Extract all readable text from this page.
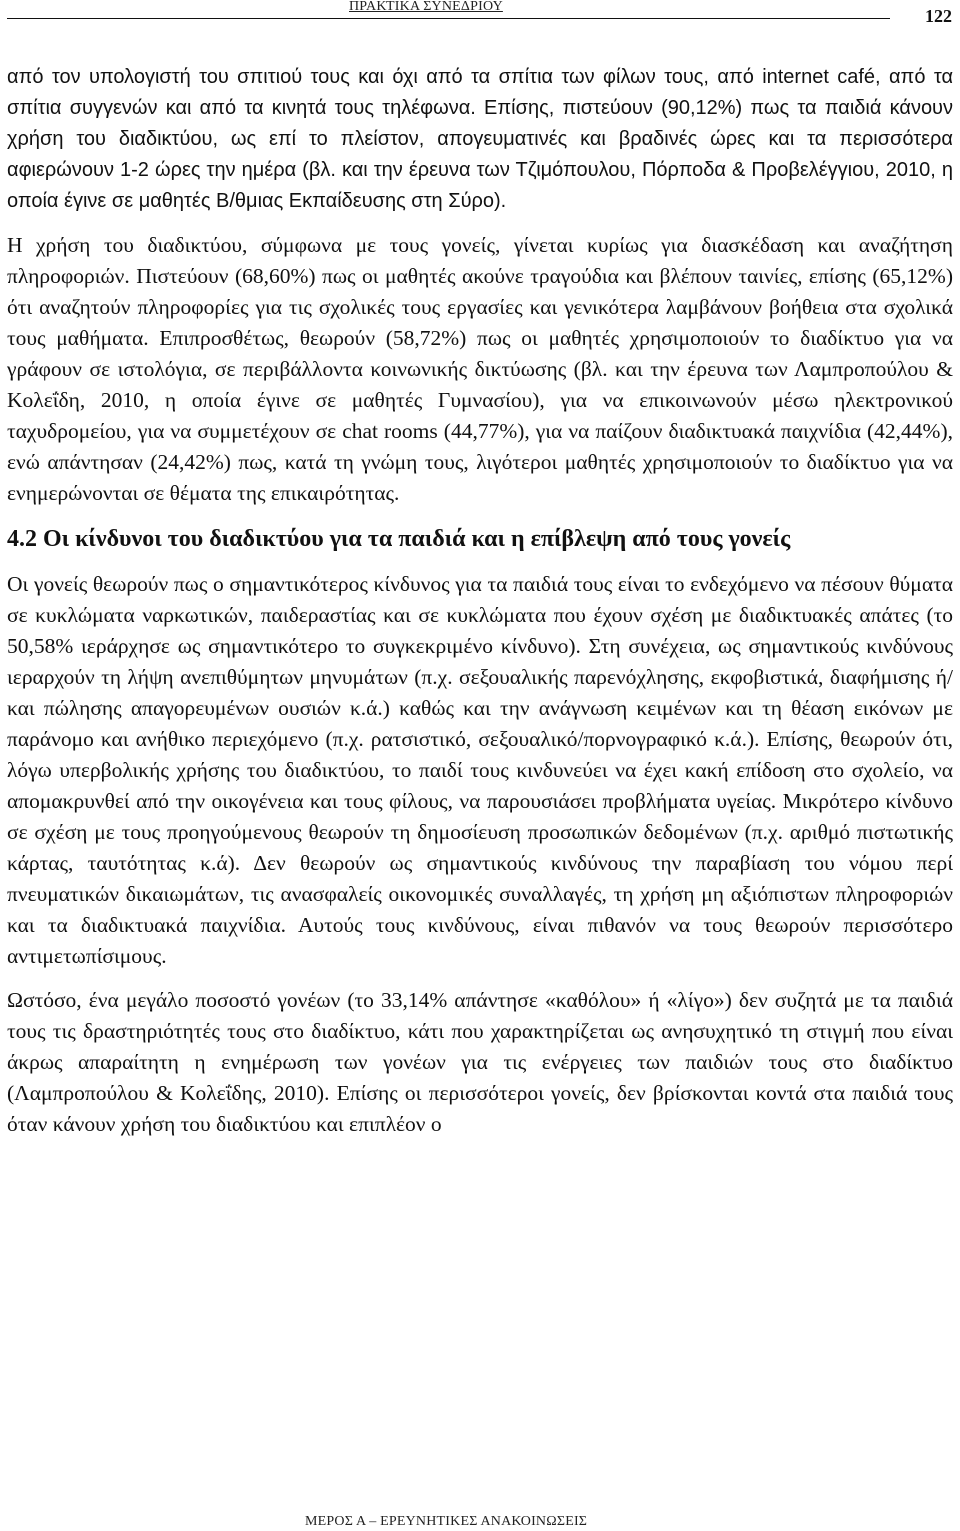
ΠΡΑΚΤΙΚΑ ΣΥΝΕΔΡΙΟΥ	122

από τον υπολογιστή του σπιτιού τους και όχι από τα σπίτια των φίλων τους, από internet café, από τα σπίτια συγγενών και από τα κινητά τους τηλέφωνα. Επίσης, πιστεύουν (90,12%) πως τα παιδιά κάνουν χρήση του διαδικτύου, ως επί το πλείστον, απογευματινές και βραδινές ώρες και τα περισσότερα αφιερώνουν 1-2 ώρες την ημέρα (βλ. και την έρευνα των Τζιμόπουλου, Πόρποδα & Προβελέγγιου, 2010, η οποία έγινε σε μαθητές Β/θμιας Εκπαίδευσης στη Σύρο).

Η χρήση του διαδικτύου, σύμφωνα με τους γονείς, γίνεται κυρίως για διασκέδαση και αναζήτηση πληροφοριών. Πιστεύουν (68,60%) πως οι μαθητές ακούνε τραγούδια και βλέπουν ταινίες, επίσης (65,12%) ότι αναζητούν πληροφορίες για τις σχολικές τους εργασίες και γενικότερα λαμβάνουν βοήθεια στα σχολικά τους μαθήματα. Επιπροσθέτως, θεωρούν (58,72%) πως οι μαθητές χρησιμοποιούν το διαδίκτυο για να γράφουν σε ιστολόγια, σε περιβάλλοντα κοινωνικής δικτύωσης (βλ. και την έρευνα των Λαμπροπούλου & Κολεΐδη, 2010, η οποία έγινε σε μαθητές Γυμνασίου), για να επικοινωνούν μέσω ηλεκτρονικού ταχυδρομείου, για να συμμετέχουν σε chat rooms (44,77%), για να παίζουν διαδικτυακά παιχνίδια (42,44%), ενώ απάντησαν (24,42%) πως, κατά τη γνώμη τους, λιγότεροι μαθητές χρησιμοποιούν το διαδίκτυο για να ενημερώνονται σε θέματα της επικαιρότητας.

4.2 Οι κίνδυνοι του διαδικτύου για τα παιδιά και η επίβλεψη από τους γονείς

Οι γονείς θεωρούν πως ο σημαντικότερος κίνδυνος για τα παιδιά τους είναι το ενδεχόμενο να πέσουν θύματα σε κυκλώματα ναρκωτικών, παιδεραστίας και σε κυκλώματα που έχουν σχέση με διαδικτυακές απάτες (το 50,58% ιεράρχησε ως σημαντικότερο το συγκεκριμένο κίνδυνο). Στη συνέχεια, ως σημαντικούς κινδύνους ιεραρχούν τη λήψη ανεπιθύμητων μηνυμάτων (π.χ. σεξουαλικής παρενόχλησης, εκφοβιστικά, διαφήμισης ή/και πώλησης απαγορευμένων ουσιών κ.ά.) καθώς και την ανάγνωση κειμένων και τη θέαση εικόνων με παράνομο και ανήθικο περιεχόμενο (π.χ. ρατσιστικό, σεξουαλικό/πορνογραφικό κ.ά.). Επίσης, θεωρούν ότι, λόγω υπερβολικής χρήσης του διαδικτύου, το παιδί τους κινδυνεύει να έχει κακή επίδοση στο σχολείο, να απομακρυνθεί από την οικογένεια και τους φίλους, να παρουσιάσει προβλήματα υγείας. Μικρότερο κίνδυνο σε σχέση με τους προηγούμενους θεωρούν τη δημοσίευση προσωπικών δεδομένων (π.χ. αριθμό πιστωτικής κάρτας, ταυτότητας κ.ά). Δεν θεωρούν ως σημαντικούς κινδύνους την παραβίαση του νόμου περί πνευματικών δικαιωμάτων, τις ανασφαλείς οικονομικές συναλλαγές, τη χρήση μη αξιόπιστων πληροφοριών και τα διαδικτυακά παιχνίδια. Αυτούς τους κινδύνους, είναι πιθανόν να τους θεωρούν περισσότερο αντιμετωπίσιμους.

Ωστόσο, ένα μεγάλο ποσοστό γονέων (το 33,14% απάντησε «καθόλου» ή «λίγο») δεν συζητά με τα παιδιά τους τις δραστηριότητές τους στο διαδίκτυο, κάτι που χαρακτηρίζεται ως ανησυχητικό τη στιγμή που είναι άκρως απαραίτητη η ενημέρωση των γονέων για τις ενέργειες των παιδιών τους στο διαδίκτυο (Λαμπροπούλου & Κολεΐδης, 2010). Επίσης οι περισσότεροι γονείς, δεν βρίσκονται κοντά στα παιδιά τους όταν κάνουν χρήση του διαδικτύου και επιπλέον ο

ΜΕΡΟΣ Α – ΕΡΕΥΝΗΤΙΚΕΣ ΑΝΑΚΟΙΝΩΣΕΙΣ
